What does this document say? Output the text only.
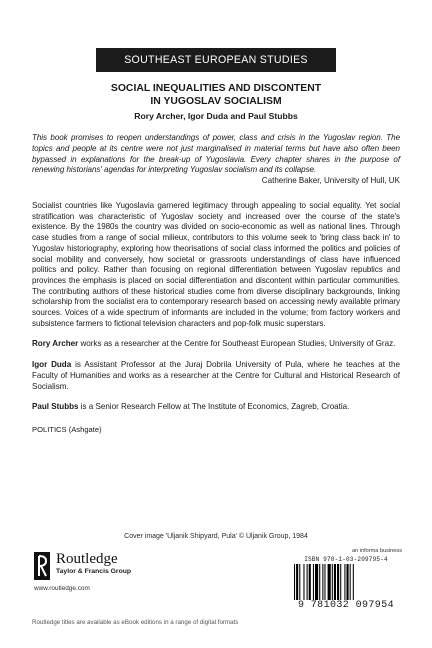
SOUTHEAST EUROPEAN STUDIES
SOCIAL INEQUALITIES AND DISCONTENT
IN YUGOSLAV SOCIALISM
Rory Archer, Igor Duda and Paul Stubbs
This book promises to reopen understandings of power, class and crisis in the Yugoslav region. The topics and people at its centre were not just marginalised in material terms but have also often been bypassed in explanations for the break-up of Yugoslavia. Every chapter shares in the purpose of renewing historians' agendas for interpreting Yugoslav socialism and its collapse.
Catherine Baker, University of Hull, UK
Socialist countries like Yugoslavia garnered legitimacy through appealing to social equality. Yet social stratification was characteristic of Yugoslav society and increased over the course of the state's existence. By the 1980s the country was divided on socio-economic as well as national lines. Through case studies from a range of social milieux, contributors to this volume seek to 'bring class back in' to Yugoslav historiography, exploring how theorisations of social class informed the politics and policies of social mobility and conversely, how societal or grassroots understandings of class have influenced politics and policy. Rather than focusing on regional differentiation between Yugoslav republics and provinces the emphasis is placed on social differentiation and discontent within particular communities. The contributing authors of these historical studies come from diverse disciplinary backgrounds, linking scholarship from the socialist era to contemporary research based on accessing newly available primary sources. Voices of a wide spectrum of informants are included in the volume; from factory workers and subsistence farmers to fictional television characters and pop-folk music superstars.
Rory Archer works as a researcher at the Centre for Southeast European Studies, University of Graz.
Igor Duda is Assistant Professor at the Juraj Dobrila University of Pula, where he teaches at the Faculty of Humanities and works as a researcher at the Centre for Cultural and Historical Research of Socialism.
Paul Stubbs is a Senior Research Fellow at The Institute of Economics, Zagreb, Croatia.
POLITICS (Ashgate)
Cover image 'Uljanik Shipyard, Pula' © Uljanik Group, 1984
Routledge
Taylor & Francis Group
www.routledge.com
an informa business
ISBN 978-1-03-209795-4
9 781032 097954
Routledge titles are available as eBook editions in a range of digital formats
